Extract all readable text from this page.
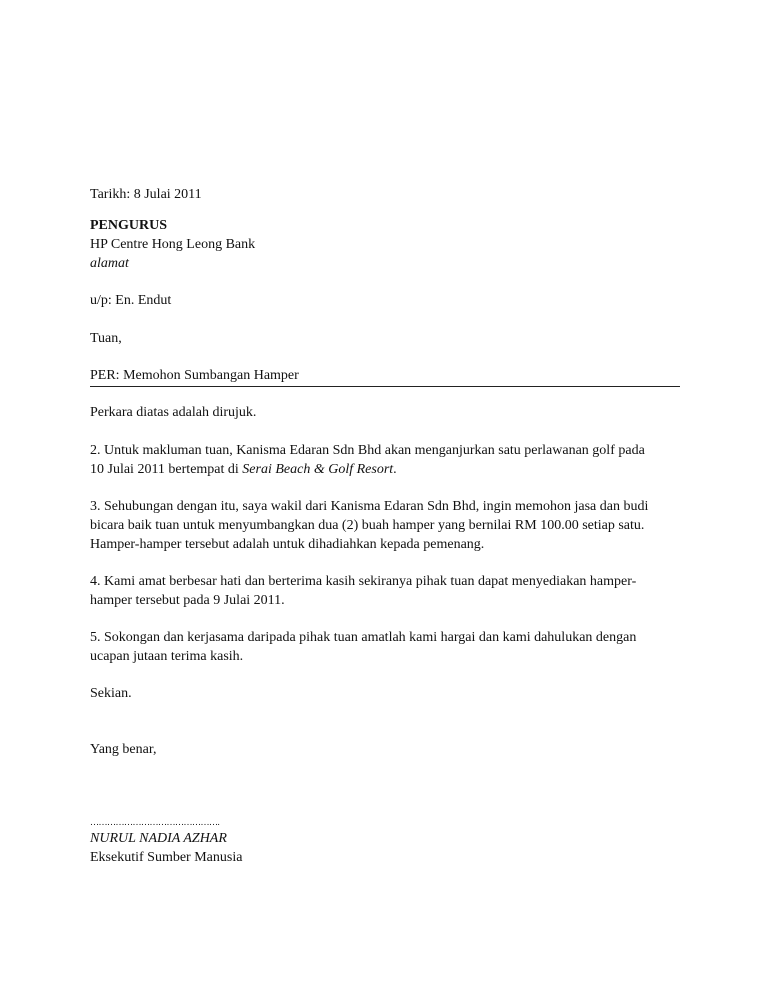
Tarikh: 8 Julai 2011
PENGURUS
HP Centre Hong Leong Bank
alamat
u/p: En. Endut
Tuan,
PER: Memohon Sumbangan Hamper
Perkara diatas adalah dirujuk.
2. Untuk makluman tuan, Kanisma Edaran Sdn Bhd akan menganjurkan satu perlawanan golf pada
10 Julai 2011 bertempat di Serai Beach & Golf Resort.
3. Sehubungan dengan itu, saya wakil dari Kanisma Edaran Sdn Bhd, ingin memohon jasa dan budi
bicara baik tuan untuk menyumbangkan dua (2) buah hamper yang bernilai RM 100.00 setiap satu.
Hamper-hamper tersebut adalah untuk dihadiahkan kepada pemenang.
4. Kami amat berbesar hati dan berterima kasih sekiranya pihak tuan dapat menyediakan hamper-
hamper tersebut pada 9 Julai 2011.
5. Sokongan dan kerjasama daripada pihak tuan amatlah kami hargai dan kami dahulukan dengan
ucapan jutaan terima kasih.
Sekian.
Yang benar,
……………………………………….
NURUL NADIA AZHAR
Eksekutif Sumber Manusia
